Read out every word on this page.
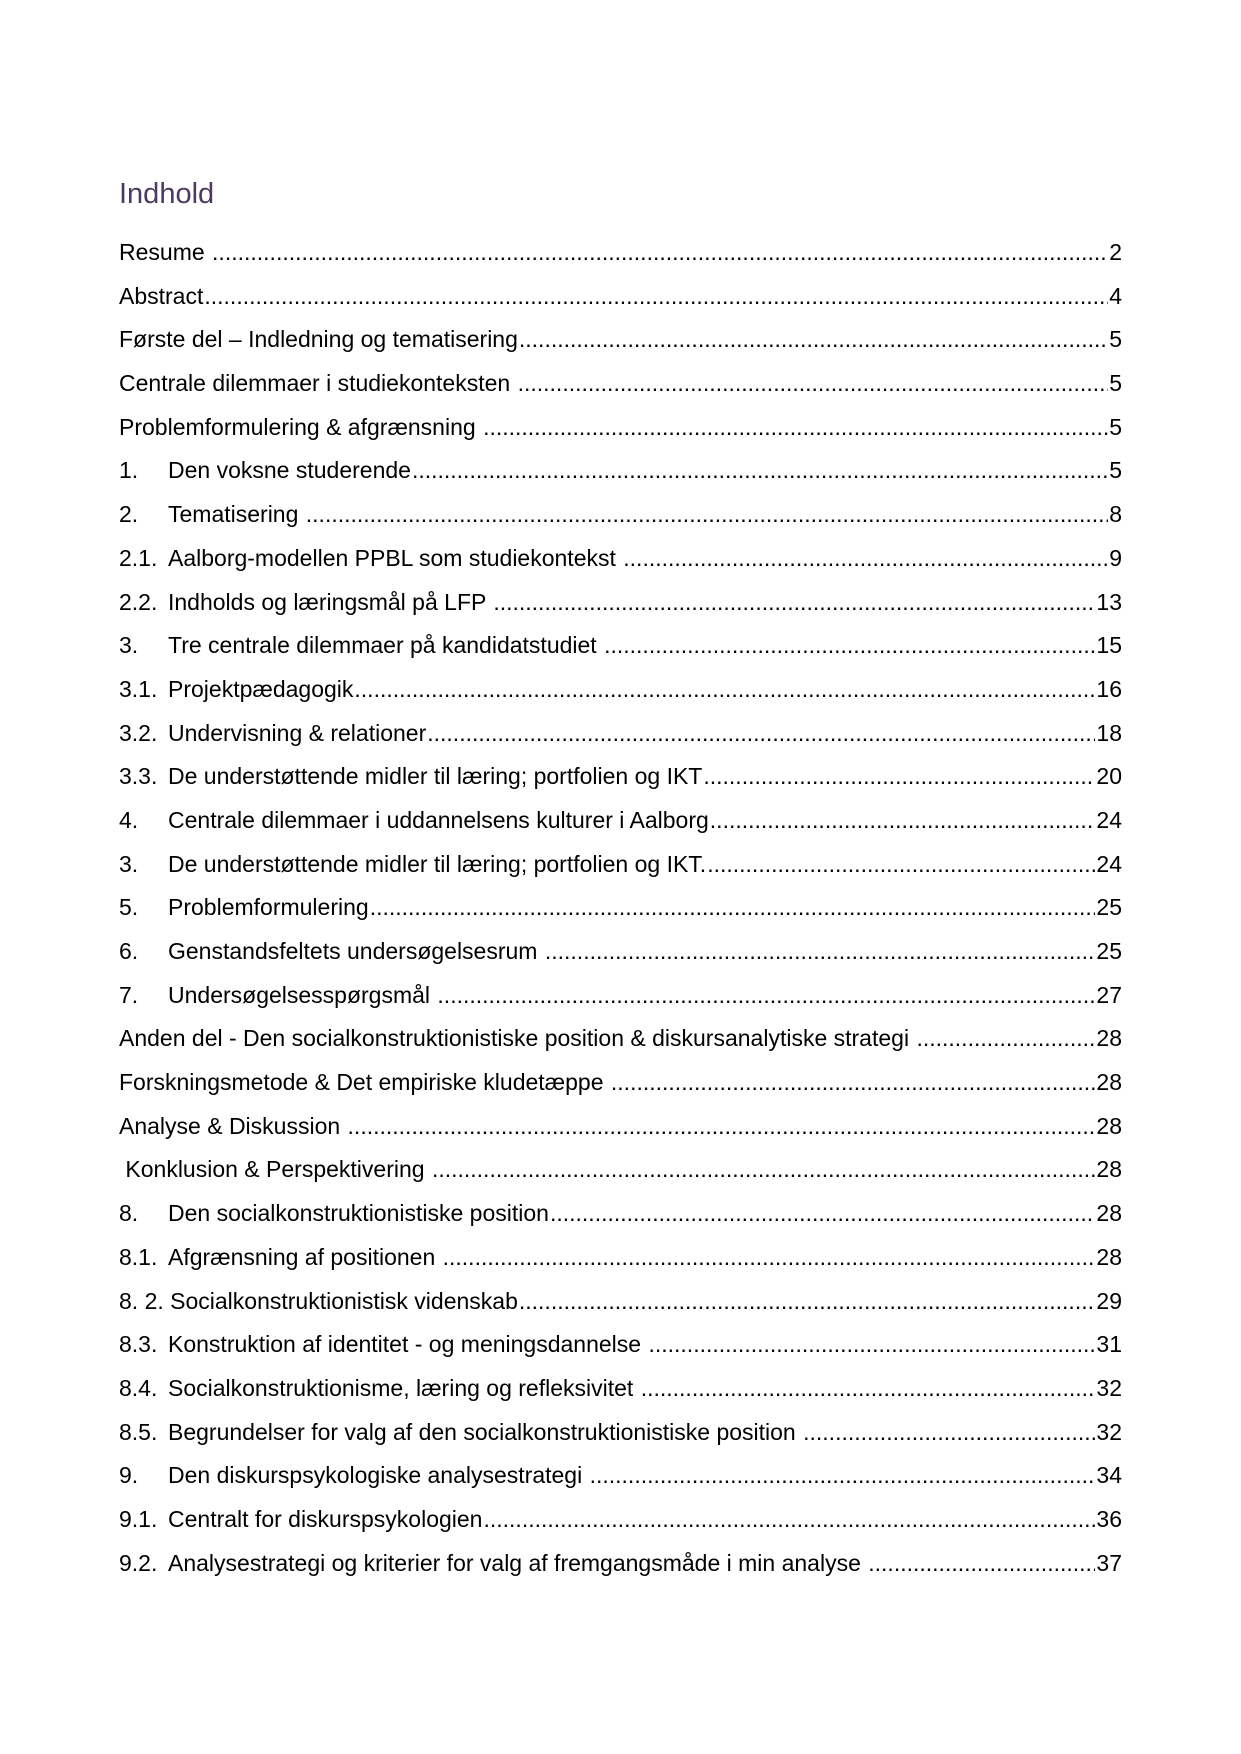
Indhold
Resume .....	2
Abstract .....	4
Første del – Indledning og tematisering .....	5
Centrale dilemmaer i studiekonteksten .....	5
Problemformulering & afgrænsning .....	5
1.	Den voksne studerende .....	5
2.	Tematisering .....	8
2.1. Aalborg-modellen PPBL som studiekontekst .....	9
2.2. Indholds og læringsmål på LFP .....	13
3.	Tre centrale dilemmaer på kandidatstudiet .....	15
3.1. Projektpædagogik .....	16
3.2. Undervisning & relationer .....	18
3.3. De understøttende midler til læring; portfolien og IKT .....	20
4.	Centrale dilemmaer i uddannelsens kulturer i Aalborg .....	24
3.	De understøttende midler til læring; portfolien og IKT. .....	24
5.	Problemformulering .....	25
6.	Genstandsfeltets undersøgelsesrum .....	25
7.	Undersøgelsesspørgsmål .....	27
Anden del - Den socialkonstruktionistiske position & diskursanalytiske strategi .....	28
Forskningsmetode & Det empiriske kludetæppe .....	28
Analyse & Diskussion .....	28
Konklusion & Perspektivering .....	28
8.	Den socialkonstruktionistiske position .....	28
8.1. Afgrænsning af positionen .....	28
8. 2. Socialkonstruktionistisk videnskab .....	29
8.3. Konstruktion af identitet - og meningsdannelse .....	31
8.4. Socialkonstruktionisme, læring og refleksivitet .....	32
8.5. Begrundelser for valg af den socialkonstruktionistiske position .....	32
9.	Den diskurspsykologiske analysestrategi .....	34
9.1. Centralt for diskurspsykologien .....	36
9.2. Analysestrategi og kriterier for valg af fremgangsmåde i min analyse .....	37
